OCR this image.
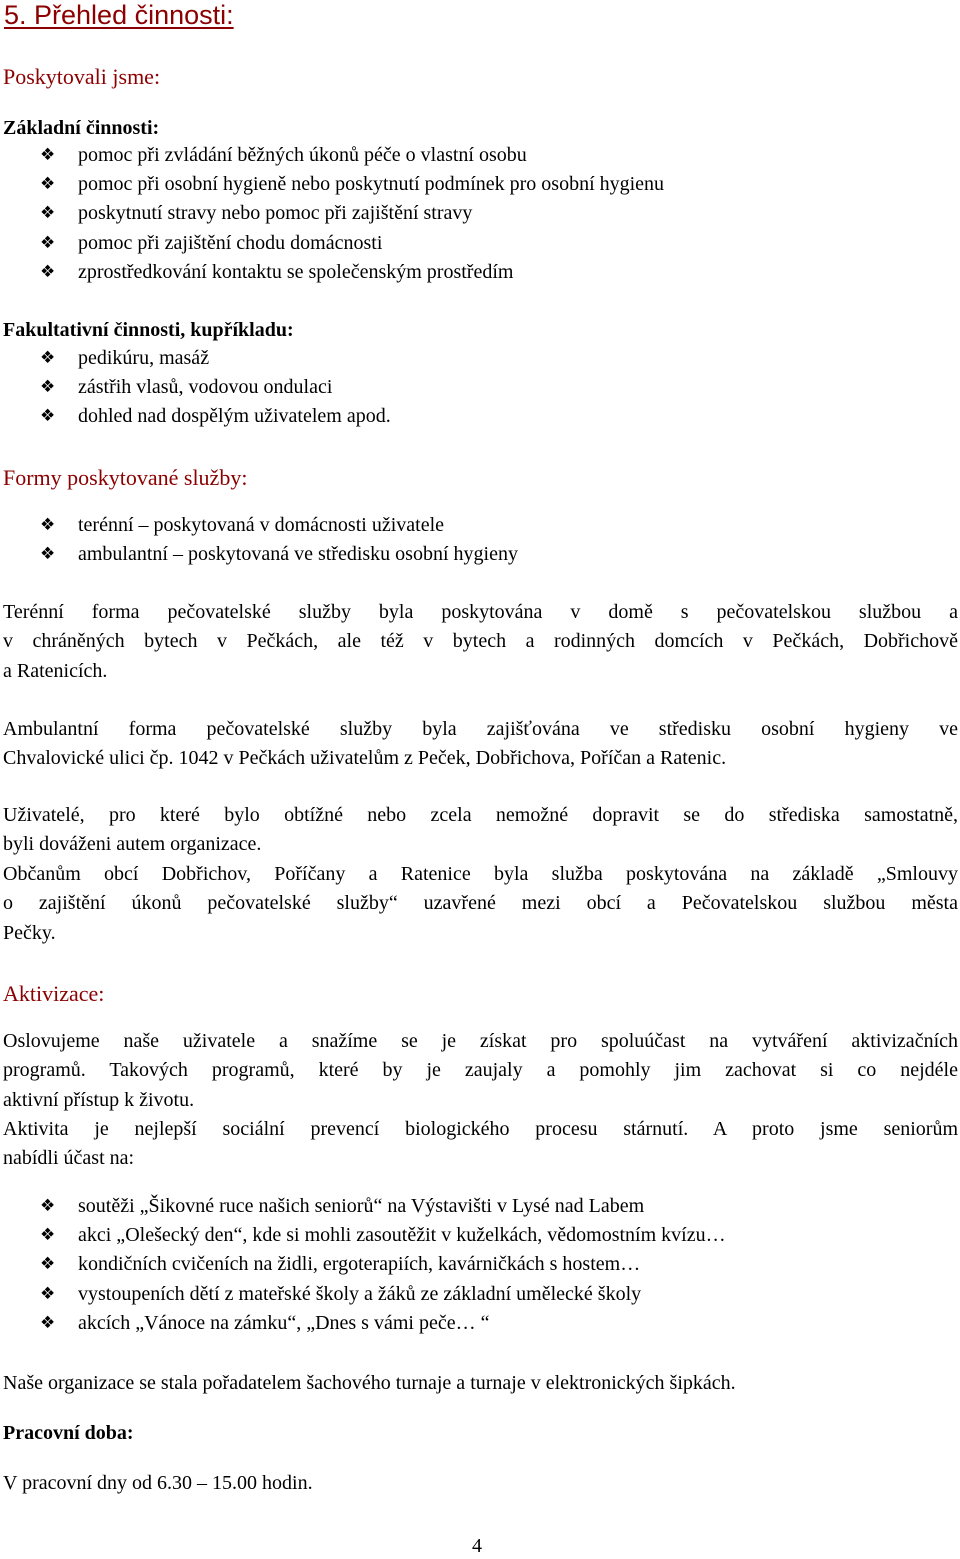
5. Přehled činnosti:
Poskytovali jsme:
Základní činnosti:
❖ pomoc při zvládání běžných úkonů péče o vlastní osobu
❖ pomoc při osobní hygieně nebo poskytnutí podmínek pro osobní hygienu
❖ poskytnutí stravy nebo pomoc při zajištění stravy
❖ pomoc při zajištění chodu domácnosti
❖ zprostředkování kontaktu se společenským prostředím
Fakultativní činnosti, kupříkladu:
❖ pedikúru, masáž
❖ zástřih vlasů, vodovou ondulaci
❖ dohled nad dospělým uživatelem apod.
Formy poskytované služby:
❖ terénní – poskytovaná v domácnosti uživatele
❖ ambulantní – poskytovaná ve středisku osobní hygieny
Terénní forma pečovatelské služby byla poskytována v domě s pečovatelskou službou a
v chráněných bytech v Pečkách, ale též v bytech a rodinných domcích v Pečkách, Dobřichově
a Ratenicích.
Ambulantní forma pečovatelské služby byla zajišťována ve středisku osobní hygieny ve
Chvalovické ulici čp. 1042 v Pečkách uživatelům z Peček, Dobřichova, Poříčan a Ratenic.
Uživatelé, pro které bylo obtížné nebo zcela nemožné dopravit se do střediska samostatně,
byli dováženi autem organizace.
Občanům obcí Dobřichov, Poříčany a Ratenice byla služba poskytována na základě „Smlouvy
o zajištění úkonů pečovatelské služby“ uzavřené mezi obcí a Pečovatelskou službou města
Pečky.
Aktivizace:
Oslovujeme naše uživatele a snažíme se je získat pro spoluúčast na vytváření aktivizačních
programů. Takových programů, které by je zaujaly a pomohly jim zachovat si co nejdéle
aktivní přístup k životu.
Aktivita je nejlepší sociální prevencí biologického procesu stárnutí. A proto jsme seniorům
nabídli účast na:
❖ soutěži „Šikovné ruce našich seniorů“ na Výstavišti v Lysé nad Labem
❖ akci „Olešecký den“, kde si mohli zasoutěžit v kuželkách, vědomostním kvízu…
❖ kondičních cvičeních na židli, ergoterapiích, kavárničkách s hostem…
❖ vystoupeních dětí z mateřské školy a žáků ze základní umělecké školy
❖ akcích „Vánoce na zámku“, „Dnes s vámi peče… “
Naše organizace se stala pořadatelem šachového turnaje a turnaje v elektronických šipkách.
Pracovní doba:
V pracovní dny od 6.30 – 15.00 hodin.
4
